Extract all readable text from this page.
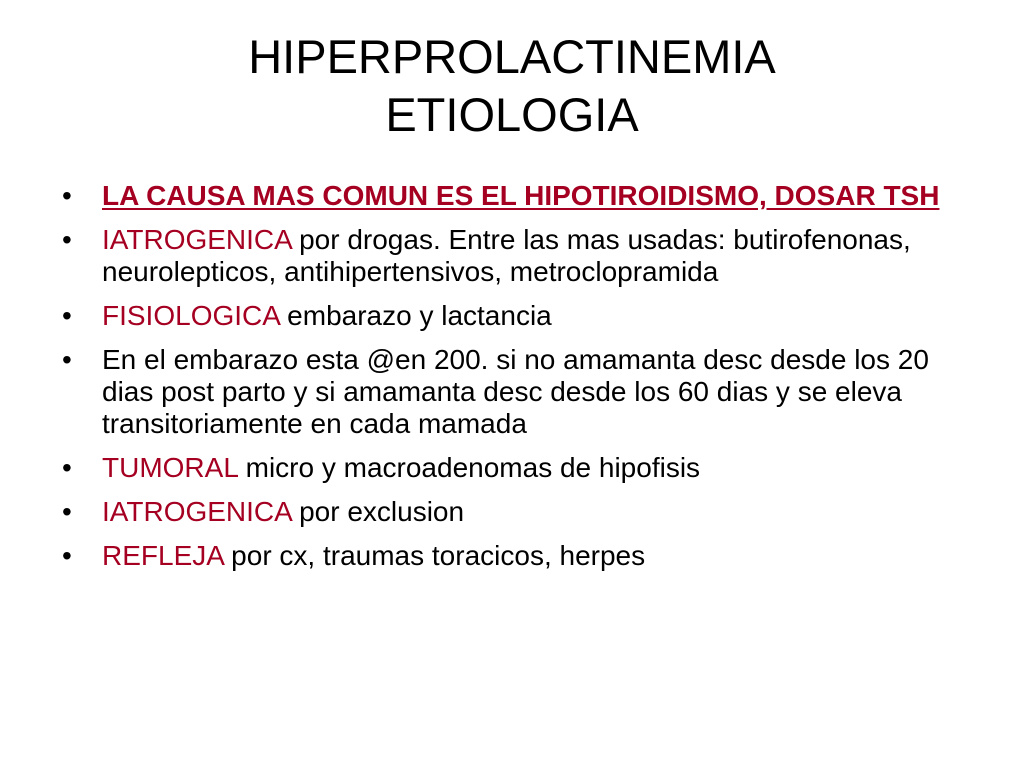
HIPERPROLACTINEMIA
ETIOLOGIA
•	LA CAUSA MAS COMUN ES EL HIPOTIROIDISMO, DOSAR TSH
•	IATROGENICA por drogas. Entre las mas usadas: butirofenonas, neurolepticos, antihipertensivos, metroclopramida
•	FISIOLOGICA embarazo y lactancia
•	En el embarazo esta @en 200. si no amamanta desc desde los 20 dias post parto y si amamanta desc desde los 60 dias y se eleva transitoriamente en cada mamada
•	TUMORAL micro y macroadenomas de hipofisis
•	IATROGENICA por exclusion
•	REFLEJA por cx, traumas toracicos, herpes
